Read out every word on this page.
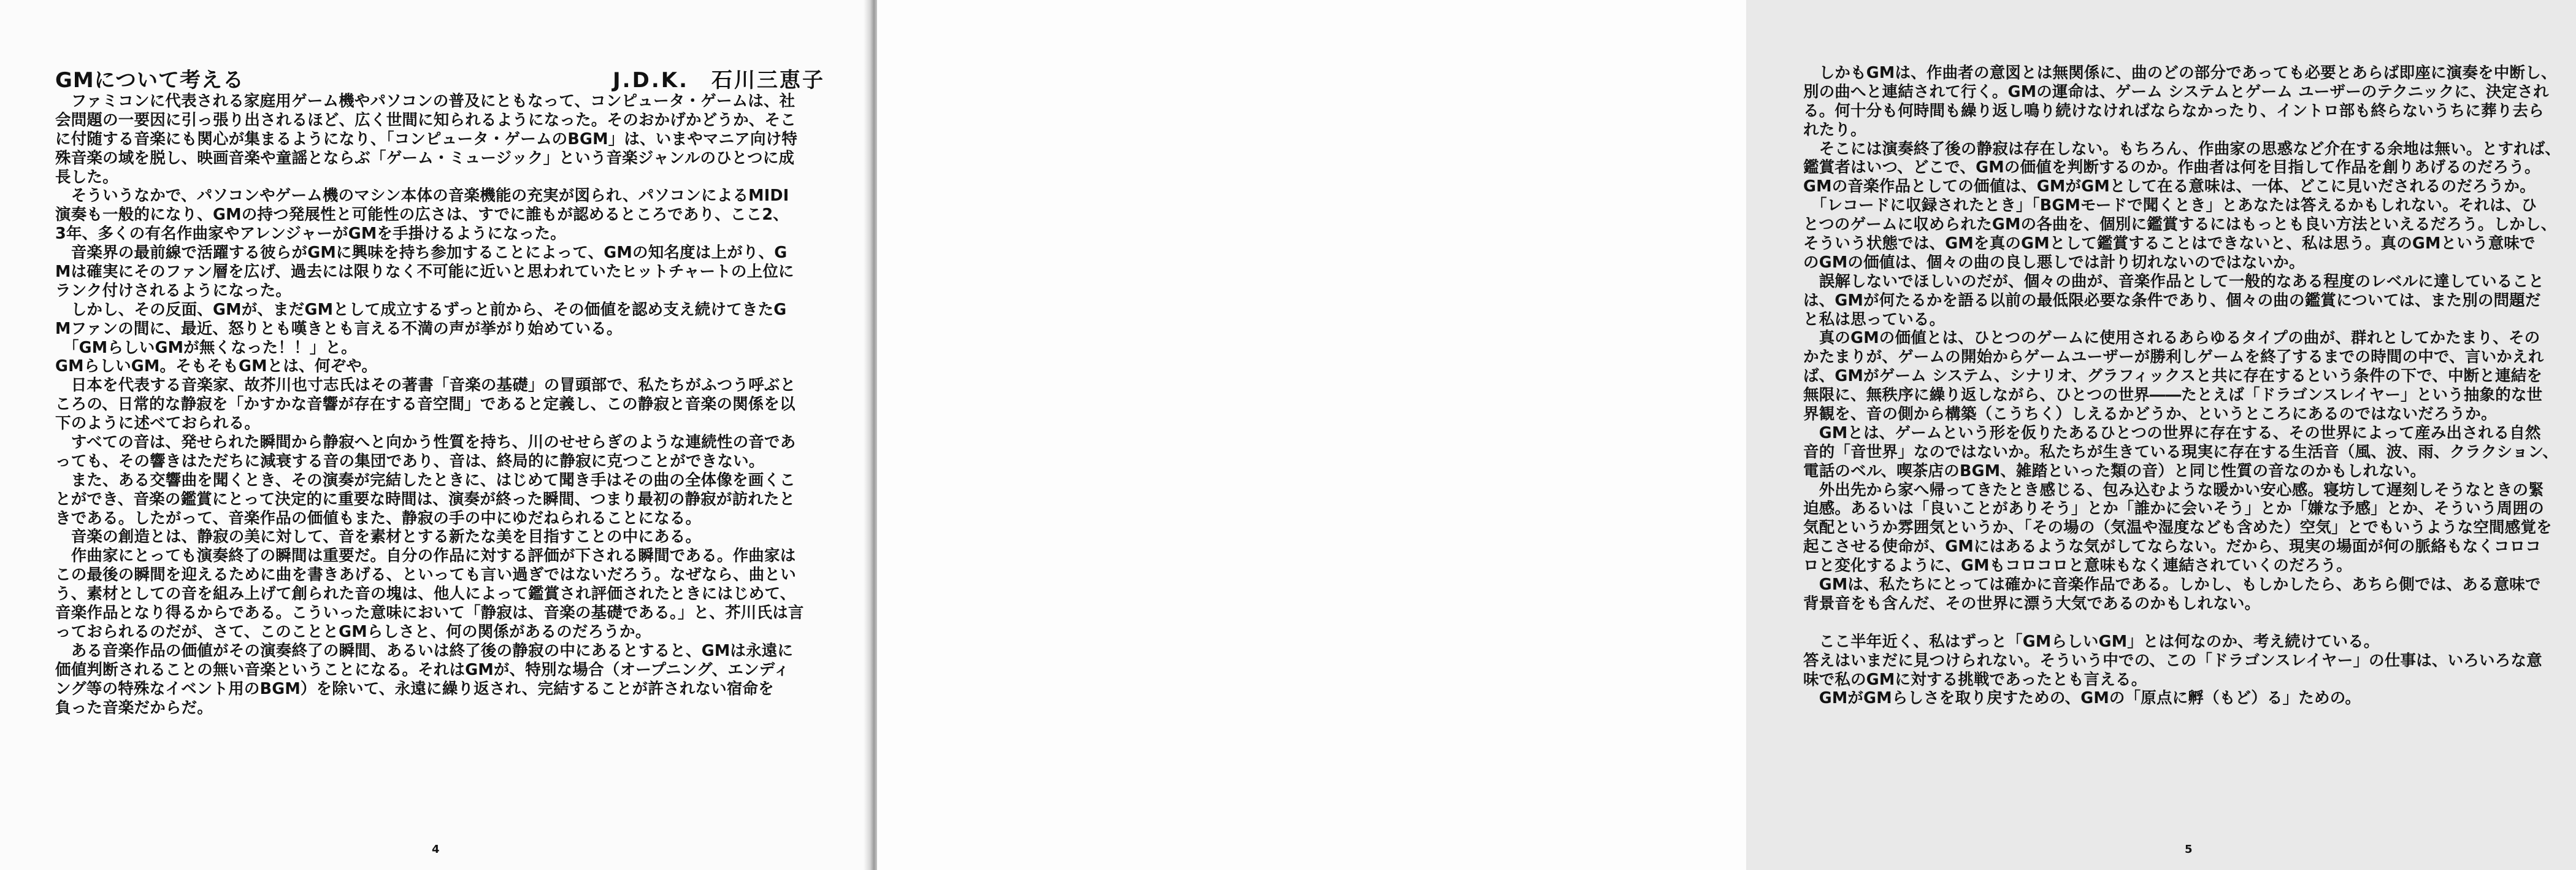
GMについて考える	J.D.K.　石川三恵子
　ファミコンに代表される家庭用ゲーム機やパソコンの普及にともなって、コンピュータ・ゲームは、社
会問題の一要因に引っ張り出されるほど、広く世間に知られるようになった。そのおかげかどうか、そこ
に付随する音楽にも関心が集まるようになり、「コンピュータ・ゲームのBGM」は、いまやマニア向け特
殊音楽の域を脱し、映画音楽や童謡とならぶ「ゲーム・ミュージック」という音楽ジャンルのひとつに成
長した。
　そういうなかで、パソコンやゲーム機のマシン本体の音楽機能の充実が図られ、パソコンによるMIDI
演奏も一般的になり、GMの持つ発展性と可能性の広さは、すでに誰もが認めるところであり、ここ2、
3年、多くの有名作曲家やアレンジャーがGMを手掛けるようになった。
　音楽界の最前線で活躍する彼らがGMに興味を持ち参加することによって、GMの知名度は上がり、G
Mは確実にそのファン層を広げ、過去には限りなく不可能に近いと思われていたヒットチャートの上位に
ランク付けされるようになった。
　しかし、その反面、GMが、まだGMとして成立するずっと前から、その価値を認め支え続けてきたG
Mファンの間に、最近、怒りとも嘆きとも言える不満の声が挙がり始めている。
　「GMらしいGMが無くなった！！」と。
GMらしいGM。そもそもGMとは、何ぞや。
　日本を代表する音楽家、故芥川也寸志氏はその著書「音楽の基礎」の冒頭部で、私たちがふつう呼ぶと
ころの、日常的な静寂を「かすかな音響が存在する音空間」であると定義し、この静寂と音楽の関係を以
下のように述べておられる。
　すべての音は、発せられた瞬間から静寂へと向かう性質を持ち、川のせせらぎのような連続性の音であ
っても、その響きはただちに減衰する音の集団であり、音は、終局的に静寂に克つことができない。
　また、ある交響曲を聞くとき、その演奏が完結したときに、はじめて聞き手はその曲の全体像を画くこ
とができ、音楽の鑑賞にとって決定的に重要な時間は、演奏が終った瞬間、つまり最初の静寂が訪れたと
きである。したがって、音楽作品の価値もまた、静寂の手の中にゆだねられることになる。
　音楽の創造とは、静寂の美に対して、音を素材とする新たな美を目指すことの中にある。
　作曲家にとっても演奏終了の瞬間は重要だ。自分の作品に対する評価が下される瞬間である。作曲家は
この最後の瞬間を迎えるために曲を書きあげる、といっても言い過ぎではないだろう。なぜなら、曲とい
う、素材としての音を組み上げて創られた音の塊は、他人によって鑑賞され評価されたときにはじめて、
音楽作品となり得るからである。こういった意味において「静寂は、音楽の基礎である。」と、芥川氏は言
っておられるのだが、さて、このこととGMらしさと、何の関係があるのだろうか。
　ある音楽作品の価値がその演奏終了の瞬間、あるいは終了後の静寂の中にあるとすると、GMは永遠に
価値判断されることの無い音楽ということになる。それはGMが、特別な場合（オープニング、エンディ
ング等の特殊なイベント用のBGM）を除いて、永遠に繰り返され、完結することが許されない宿命を
負った音楽だからだ。
4
　しかもGMは、作曲者の意図とは無関係に、曲のどの部分であっても必要とあらば即座に演奏を中断し、
別の曲へと連結されて行く。GMの運命は、ゲーム システムとゲーム ユーザーのテクニックに、決定され
る。何十分も何時間も繰り返し鳴り続けなければならなかったり、イントロ部も終らないうちに葬り去ら
れたり。
　そこには演奏終了後の静寂は存在しない。もちろん、作曲家の思惑など介在する余地は無い。とすれば、
鑑賞者はいつ、どこで、GMの価値を判断するのか。作曲者は何を目指して作品を創りあげるのだろう。
GMの音楽作品としての価値は、GMがGMとして在る意味は、一体、どこに見いだされるのだろうか。
　「レコードに収録されたとき」「BGMモードで聞くとき」とあなたは答えるかもしれない。それは、ひ
とつのゲームに収められたGMの各曲を、個別に鑑賞するにはもっとも良い方法といえるだろう。しかし、
そういう状態では、GMを真のGMとして鑑賞することはできないと、私は思う。真のGMという意味で
のGMの価値は、個々の曲の良し悪しでは計り切れないのではないか。
　誤解しないでほしいのだが、個々の曲が、音楽作品として一般的なある程度のレベルに達していること
は、GMが何たるかを語る以前の最低限必要な条件であり、個々の曲の鑑賞については、また別の問題だ
と私は思っている。
　真のGMの価値とは、ひとつのゲームに使用されるあらゆるタイプの曲が、群れとしてかたまり、その
かたまりが、ゲームの開始からゲームユーザーが勝利しゲームを終了するまでの時間の中で、言いかえれ
ば、GMがゲーム システム、シナリオ、グラフィックスと共に存在するという条件の下で、中断と連結を
無限に、無秩序に繰り返しながら、ひとつの世界――たとえば「ドラゴンスレイヤー」という抽象的な世
界観を、音の側から構築（こうちく）しえるかどうか、というところにあるのではないだろうか。
　GMとは、ゲームという形を仮りたあるひとつの世界に存在する、その世界によって産み出される自然
音的「音世界」なのではないか。私たちが生きている現実に存在する生活音（風、波、雨、クラクション、
電話のベル、喫茶店のBGM、雑踏といった類の音）と同じ性質の音なのかもしれない。
　外出先から家へ帰ってきたとき感じる、包み込むような暖かい安心感。寝坊して遅刻しそうなときの緊
迫感。あるいは「良いことがありそう」とか「誰かに会いそう」とか「嫌な予感」とか、そういう周囲の
気配というか雰囲気というか、「その場の（気温や湿度なども含めた）空気」とでもいうような空間感覚を
起こさせる使命が、GMにはあるような気がしてならない。だから、現実の場面が何の脈絡もなくコロコ
ロと変化するように、GMもコロコロと意味もなく連結されていくのだろう。
　GMは、私たちにとっては確かに音楽作品である。しかし、もしかしたら、あちら側では、ある意味で
背景音をも含んだ、その世界に漂う大気であるのかもしれない。
　ここ半年近く、私はずっと「GMらしいGM」とは何なのか、考え続けている。
答えはいまだに見つけられない。そういう中での、この「ドラゴンスレイヤー」の仕事は、いろいろな意
味で私のGMに対する挑戦であったとも言える。
　GMがGMらしさを取り戻すための、GMの「原点に孵（もど）る」ための。
5
